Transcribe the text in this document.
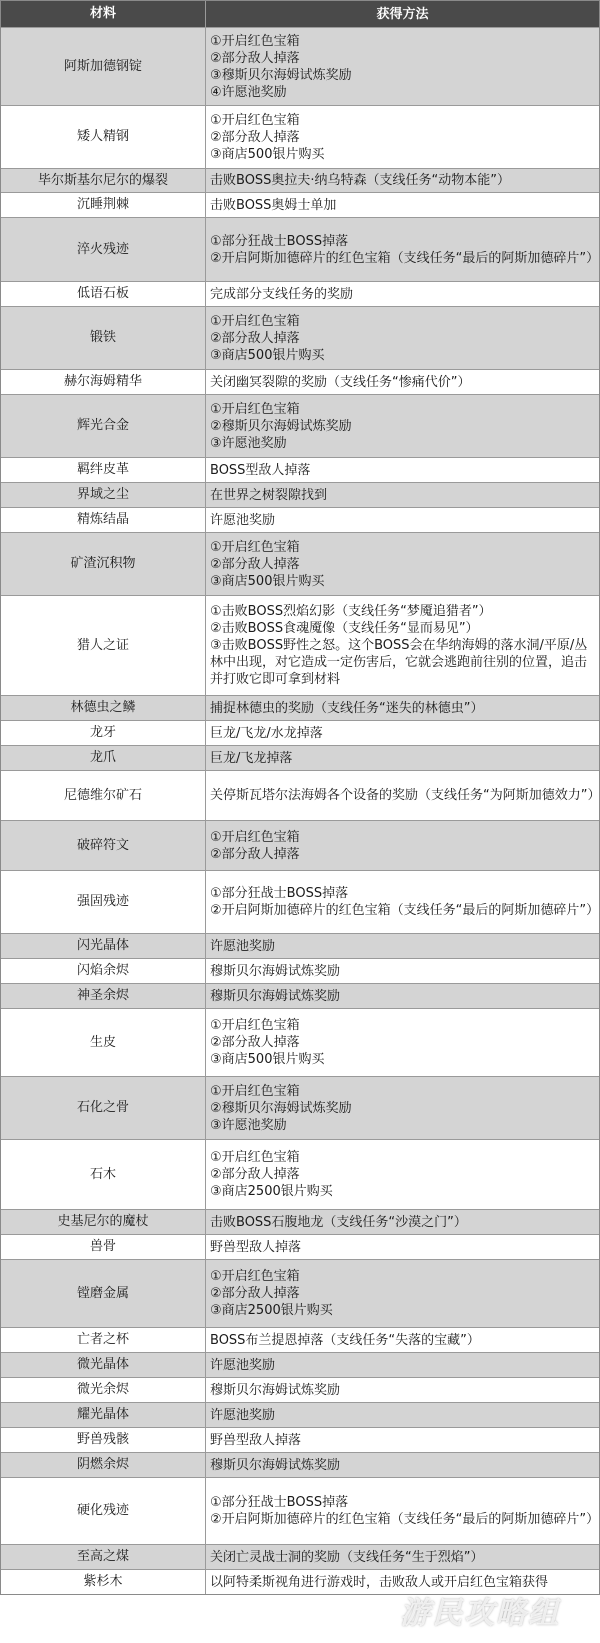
材料	获得方法
阿斯加德钢锭
①开启红色宝箱
②部分敌人掉落
③穆斯贝尔海姆试炼奖励
④许愿池奖励
矮人精钢
①开启红色宝箱
②部分敌人掉落
③商店500银片购买
毕尔斯基尔尼尔的爆裂	击败BOSS奥拉夫·纳乌特森（支线任务“动物本能”）
沉睡荆棘	击败BOSS奥姆士单加
淬火残迹
①部分狂战士BOSS掉落
②开启阿斯加德碎片的红色宝箱（支线任务“最后的阿斯加德碎片”）
低语石板	完成部分支线任务的奖励
锻铁
①开启红色宝箱
②部分敌人掉落
③商店500银片购买
赫尔海姆精华	关闭幽冥裂隙的奖励（支线任务“惨痛代价”）
辉光合金
①开启红色宝箱
②穆斯贝尔海姆试炼奖励
③许愿池奖励
羁绊皮革	BOSS型敌人掉落
界域之尘	在世界之树裂隙找到
精炼结晶	许愿池奖励
矿渣沉积物
①开启红色宝箱
②部分敌人掉落
③商店500银片购买
猎人之证
①击败BOSS烈焰幻影（支线任务“梦魇追猎者”）
②击败BOSS食魂魇像（支线任务“显而易见”）
③击败BOSS野性之怒。这个BOSS会在华纳海姆的落水洞/平原/丛林中出现，对它造成一定伤害后，它就会逃跑前往别的位置，追击并打败它即可拿到材料
林德虫之鳞	捕捉林德虫的奖励（支线任务“迷失的林德虫”）
龙牙	巨龙/飞龙/水龙掉落
龙爪	巨龙/飞龙掉落
尼德维尔矿石	关停斯瓦塔尔法海姆各个设备的奖励（支线任务“为阿斯加德效力”）
破碎符文
①开启红色宝箱
②部分敌人掉落
强固残迹
①部分狂战士BOSS掉落
②开启阿斯加德碎片的红色宝箱（支线任务“最后的阿斯加德碎片”）
闪光晶体	许愿池奖励
闪焰余烬	穆斯贝尔海姆试炼奖励
神圣余烬	穆斯贝尔海姆试炼奖励
生皮
①开启红色宝箱
②部分敌人掉落
③商店500银片购买
石化之骨
①开启红色宝箱
②穆斯贝尔海姆试炼奖励
③许愿池奖励
石木
①开启红色宝箱
②部分敌人掉落
③商店2500银片购买
史基尼尔的魔杖	击败BOSS石腹地龙（支线任务“沙漠之门”）
兽骨	野兽型敌人掉落
镗磨金属
①开启红色宝箱
②部分敌人掉落
③商店2500银片购买
亡者之杯	BOSS布兰提恩掉落（支线任务“失落的宝藏”）
微光晶体	许愿池奖励
微光余烬	穆斯贝尔海姆试炼奖励
耀光晶体	许愿池奖励
野兽残骸	野兽型敌人掉落
阴燃余烬	穆斯贝尔海姆试炼奖励
硬化残迹
①部分狂战士BOSS掉落
②开启阿斯加德碎片的红色宝箱（支线任务“最后的阿斯加德碎片”）
至高之煤	关闭亡灵战士洞的奖励（支线任务“生于烈焰”）
紫杉木	以阿特柔斯视角进行游戏时，击败敌人或开启红色宝箱获得
游民攻略组
